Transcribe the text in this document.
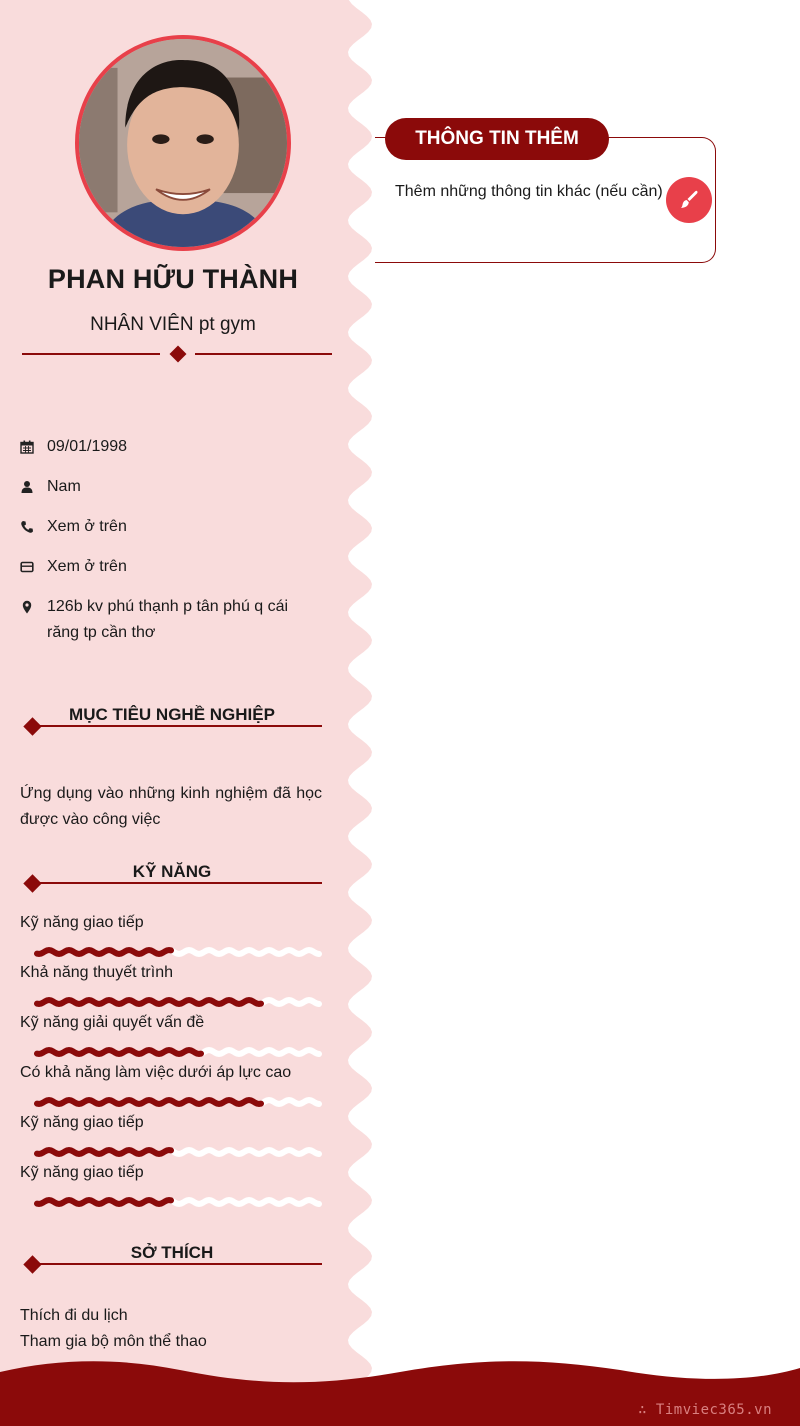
PHAN HỮU THÀNH
NHÂN VIÊN pt gym
09/01/1998
Nam
Xem ở trên
Xem ở trên
126b kv phú thạnh p tân phú q cái răng tp cần thơ
MỤC TIÊU NGHỀ NGHIỆP
Ứng dụng vào những kinh nghiệm đã học được vào công việc
KỸ NĂNG
Kỹ năng giao tiếp
Khả năng thuyết trình
Kỹ năng giải quyết vấn đề
Có khả năng làm việc dưới áp lực cao
Kỹ năng giao tiếp
Kỹ năng giao tiếp
SỞ THÍCH
Thích đi du lịch
Tham gia bộ môn thể thao
THÔNG TIN THÊM
Thêm những thông tin khác (nếu cần)
∴ Timviec365.vn
